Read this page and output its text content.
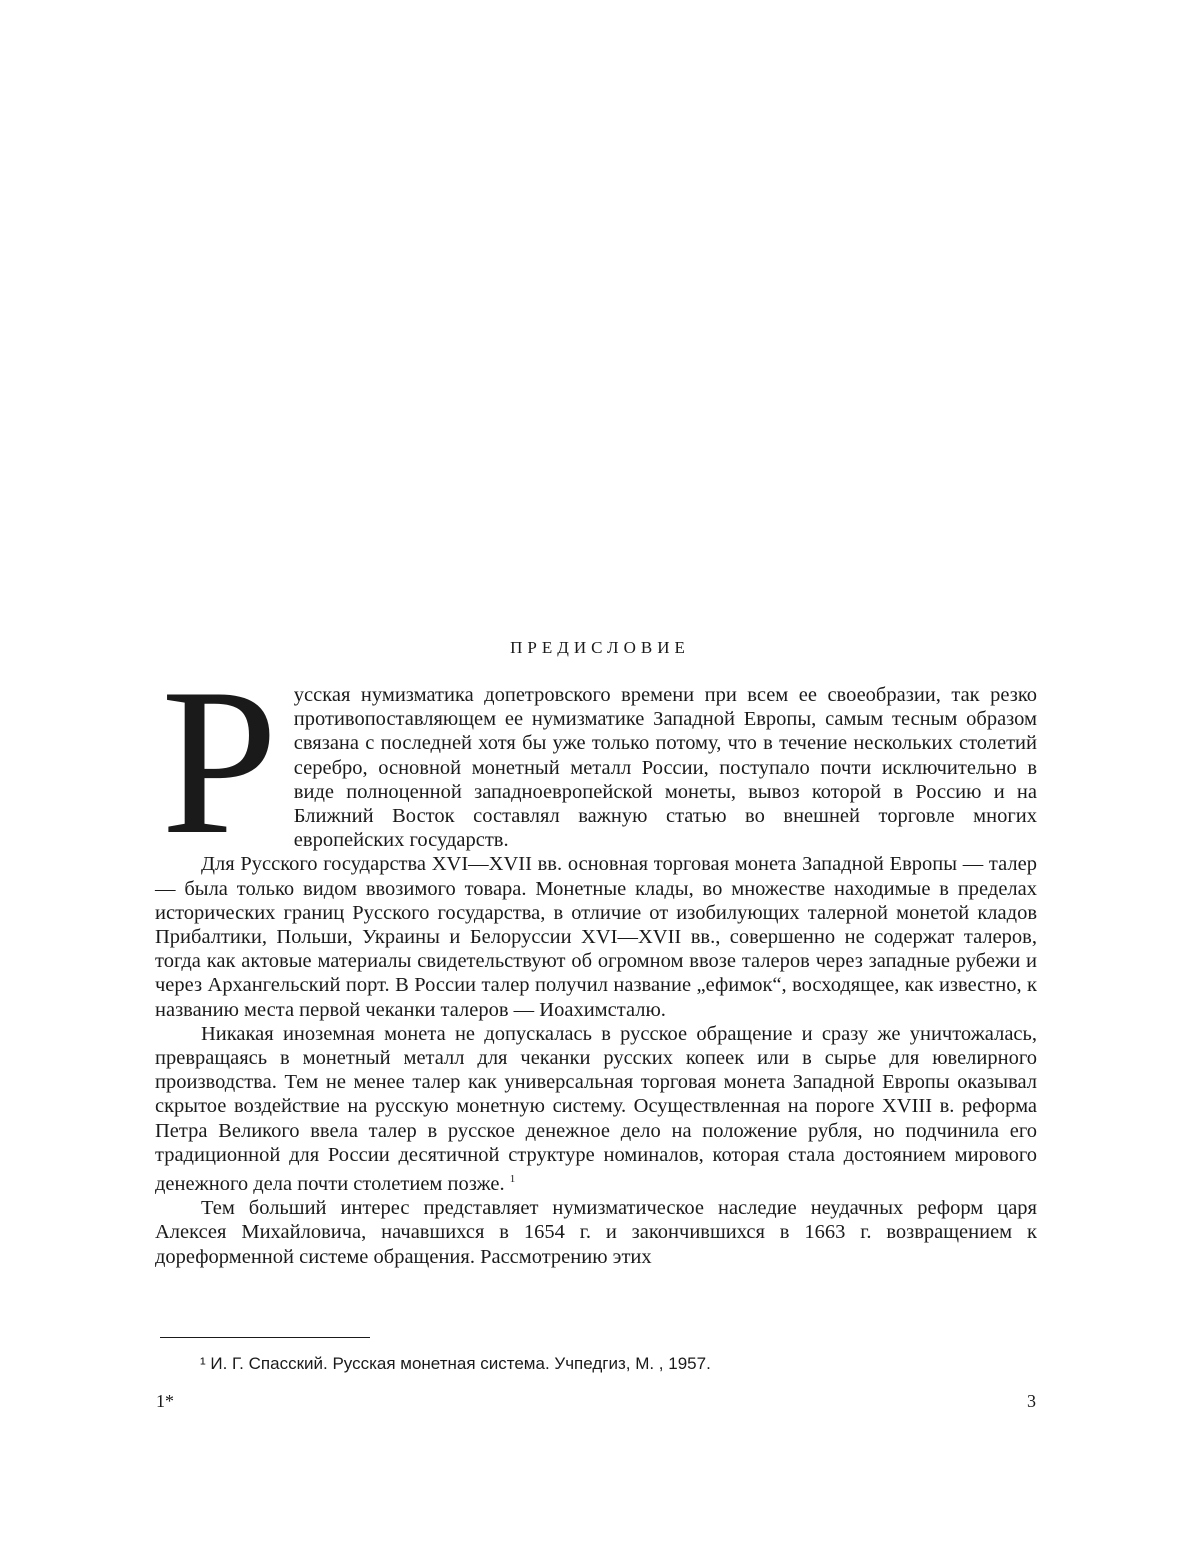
ПРЕДИСЛОВИЕ

Русская нумизматика допетровского времени при всем ее своеобразии, так резко противопоставляющем ее нумизматике Западной Европы, самым тесным образом связана с последней хотя бы уже только потому, что в течение нескольких столетий серебро, основной монетный металл России, поступало почти исключительно в виде полноценной западноевропейской монеты, вывоз которой в Россию и на Ближний Восток составлял важную статью во внешней торговле многих европейских государств.

Для Русского государства XVI—XVII вв. основная торговая монета Западной Европы — талер — была только видом ввозимого товара. Монетные клады, во множестве находимые в пределах исторических границ Русского государства, в отличие от изобилующих талерной монетой кладов Прибалтики, Польши, Украины и Белоруссии XVI—XVII вв., совершенно не содержат талеров, тогда как актовые материалы свидетельствуют об огромном ввозе талеров через западные рубежи и через Архангельский порт. В России талер получил название „ефимок“, восходящее, как известно, к названию места первой чеканки талеров — Иоахимсталю.

Никакая иноземная монета не допускалась в русское обращение и сразу же уничтожалась, превращаясь в монетный металл для чеканки русских копеек или в сырье для ювелирного производства. Тем не менее талер как универсальная торговая монета Западной Европы оказывал скрытое воздействие на русскую монетную систему. Осуществленная на пороге XVIII в. реформа Петра Великого ввела талер в русское денежное дело на положение рубля, но подчинила его традиционной для России десятичной структуре номиналов, которая стала достоянием мирового денежного дела почти столетием позже. $^1$

Тем больший интерес представляет нумизматическое наследие неудачных реформ царя Алексея Михайловича, начавшихся в 1654 г. и закончившихся в 1663 г. возвращением к дореформенной системе обращения. Рассмотрению этих

¹ И. Г. Спасский. Русская монетная система. Учпедгиз, М. , 1957.
1*	3
